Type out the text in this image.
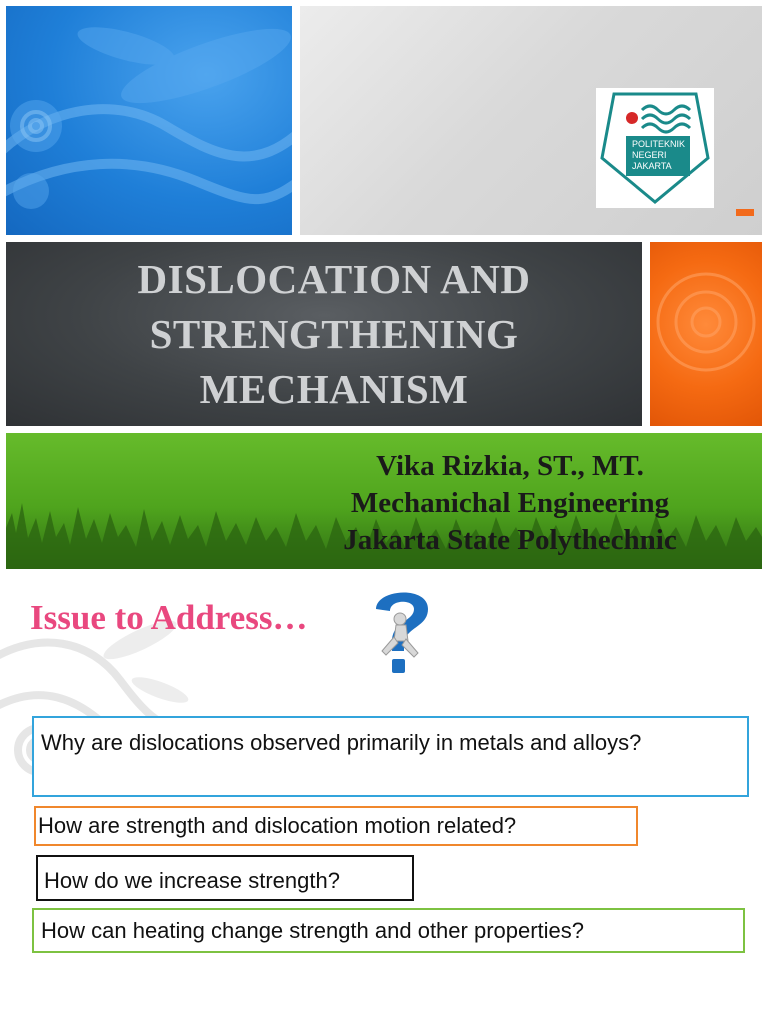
POLITEKNIK
NEGERI
JAKARTA
DISLOCATION AND
STRENGTHENING
MECHANISM
Vika Rizkia, ST., MT.
Mechanichal Engineering
Jakarta State Polythechnic
Issue to Address…
Why are dislocations observed primarily in metals and alloys?
How are strength and dislocation motion related?
How do we increase strength?
How can heating change strength and other properties?
